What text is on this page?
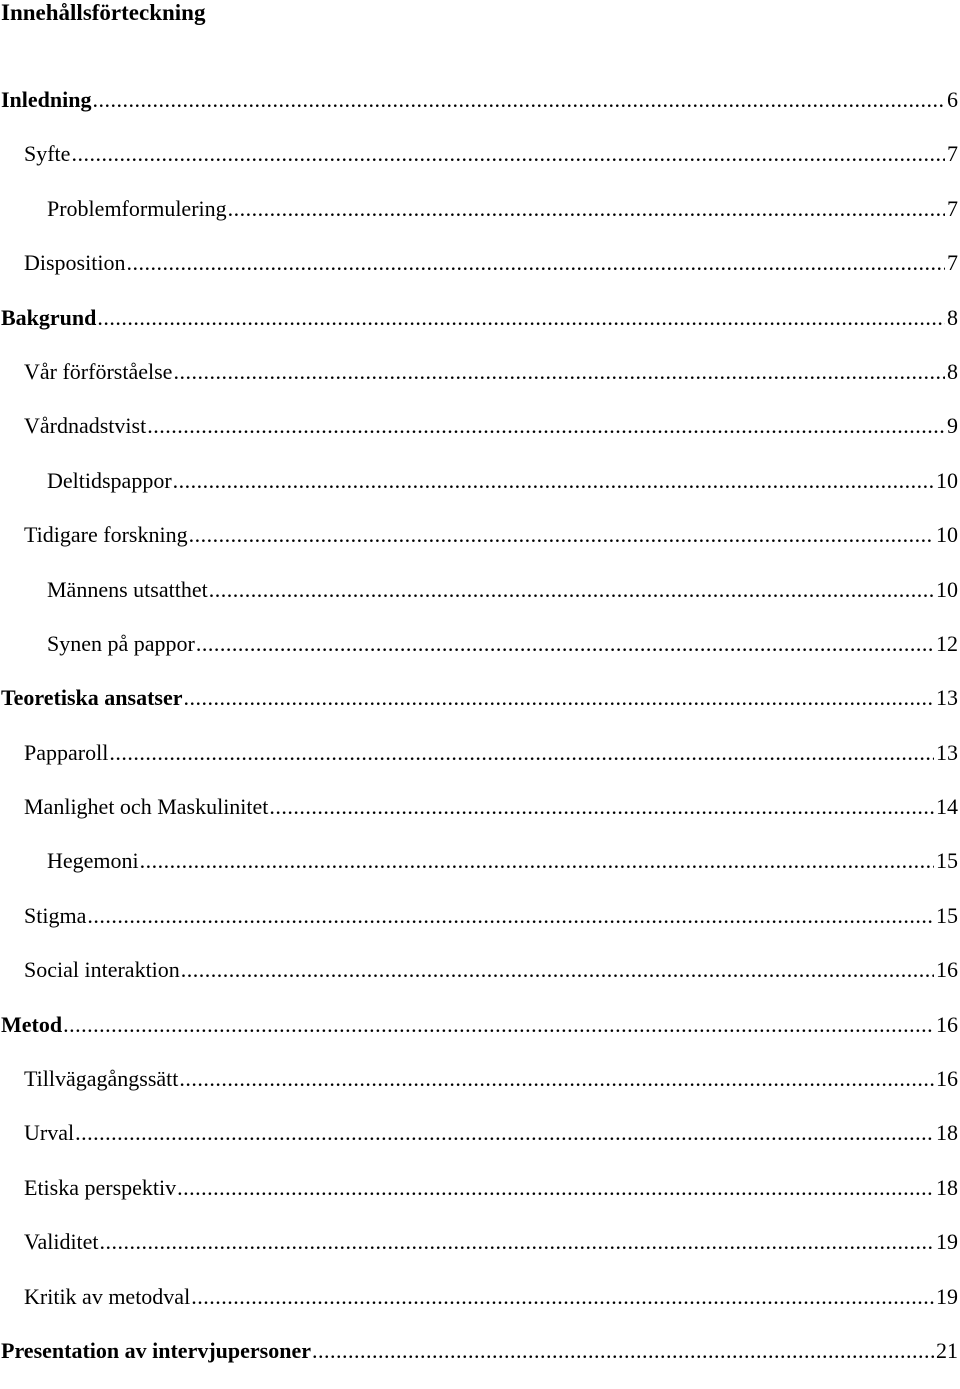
Innehållsförteckning
Inledning .....	6
Syfte .....	7
Problemformulering .....	7
Disposition .....	7
Bakgrund .....	8
Vår förförståelse .....	8
Vårdnadstvist .....	9
Deltidspappor .....	10
Tidigare forskning .....	10
Männens utsatthet .....	10
Synen på pappor .....	12
Teoretiska ansatser .....	13
Papparoll .....	13
Manlighet och Maskulinitet .....	14
Hegemoni .....	15
Stigma .....	15
Social interaktion .....	16
Metod .....	16
Tillvägagångssätt .....	16
Urval .....	18
Etiska perspektiv .....	18
Validitet .....	19
Kritik av metodval .....	19
Presentation av intervjupersoner .....	21
